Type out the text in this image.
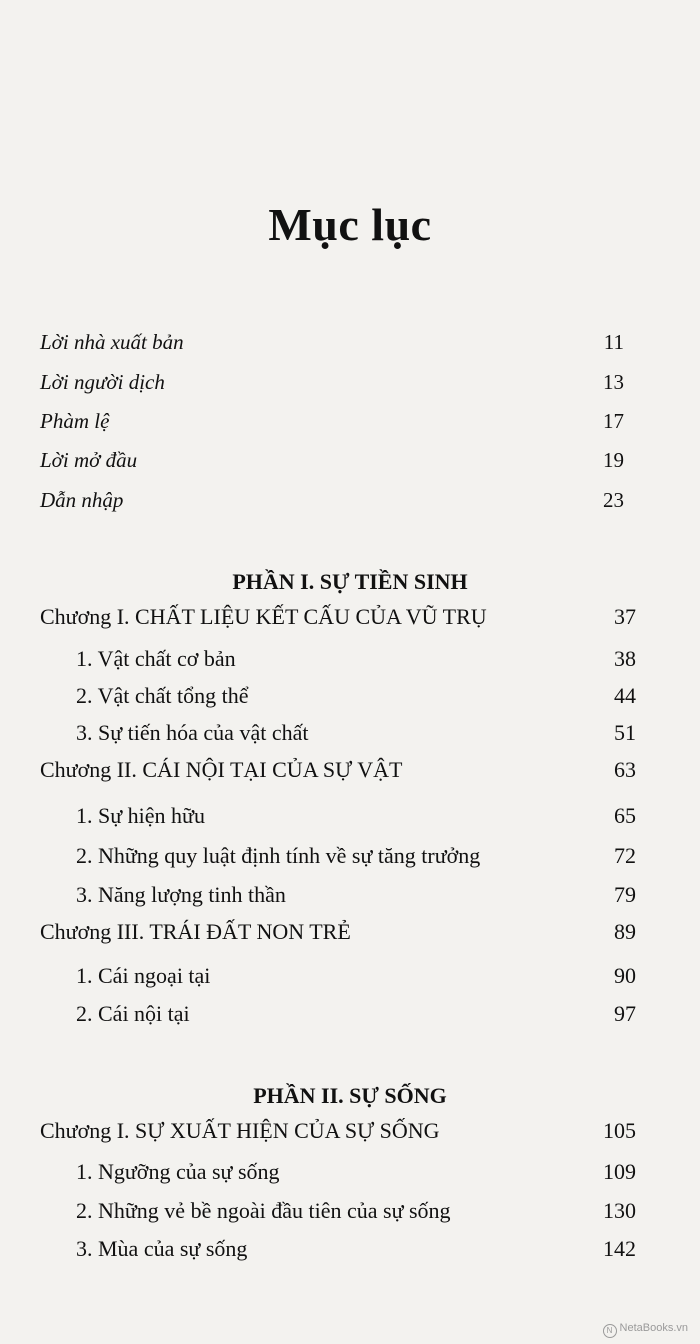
Mục lục
Lời nhà xuất bản	11
Lời người dịch	13
Phàm lệ	17
Lời mở đầu	19
Dẫn nhập	23
PHẦN I. SỰ TIỀN SINH
Chương I. CHẤT LIỆU KẾT CẤU CỦA VŨ TRỤ	37
1. Vật chất cơ bản	38
2. Vật chất tổng thể	44
3. Sự tiến hóa của vật chất	51
Chương II. CÁI NỘI TẠI CỦA SỰ VẬT	63
1. Sự hiện hữu	65
2. Những quy luật định tính về sự tăng trưởng	72
3. Năng lượng tinh thần	79
Chương III. TRÁI ĐẤT NON TRẺ	89
1. Cái ngoại tại	90
2. Cái nội tại	97
PHẦN II. SỰ SỐNG
Chương I. SỰ XUẤT HIỆN CỦA SỰ SỐNG	105
1. Ngưỡng của sự sống	109
2. Những vẻ bề ngoài đầu tiên của sự sống	130
3. Mùa của sự sống	142
N NetaBooks.vn
